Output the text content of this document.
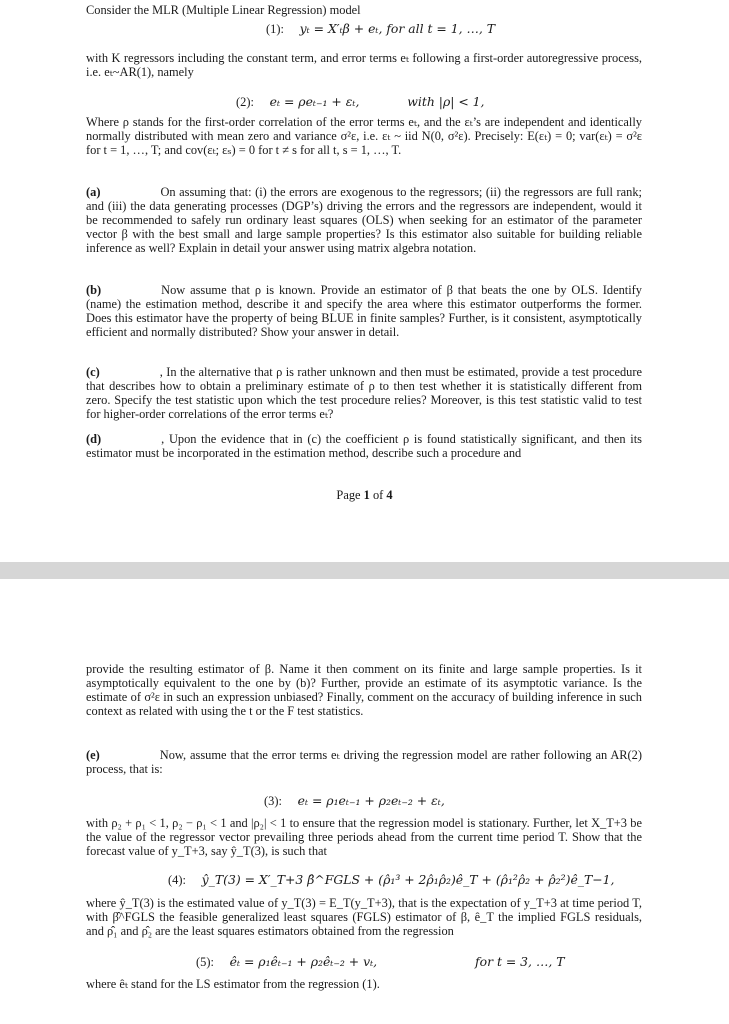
Consider the MLR (Multiple Linear Regression) model

(1): yₜ = X′ₜβ + eₜ, for all t = 1, …, T

with K regressors including the constant term, and error terms eₜ following a first-order autoregressive process, i.e. eₜ~AR(1), namely

(2): eₜ = ρeₜ₋₁ + εₜ,	with |ρ| < 1,

Where ρ stands for the first-order correlation of the error terms eₜ, and the εₜ’s are independent and identically normally distributed with mean zero and variance σ²ε, i.e. εₜ ~ iid N(0, σ²ε). Precisely: E(εₜ) = 0; var(εₜ) = σ²ε for t = 1, …, T; and cov(εₜ; εₛ) = 0 for t ≠ s for all t, s = 1, …, T.

(a)	On assuming that: (i) the errors are exogenous to the regressors; (ii) the regressors are full rank; and (iii) the data generating processes (DGP’s) driving the errors and the regressors are independent, would it be recommended to safely run ordinary least squares (OLS) when seeking for an estimator of the parameter vector β with the best small and large sample properties? Is this estimator also suitable for building reliable inference as well? Explain in detail your answer using matrix algebra notation.

(b)	Now assume that ρ is known. Provide an estimator of β that beats the one by OLS. Identify (name) the estimation method, describe it and specify the area where this estimator outperforms the former. Does this estimator have the property of being BLUE in finite samples? Further, is it consistent, asymptotically efficient and normally distributed? Show your answer in detail.

(c)	, In the alternative that ρ is rather unknown and then must be estimated, provide a test procedure that describes how to obtain a preliminary estimate of ρ to then test whether it is statistically different from zero. Specify the test statistic upon which the test procedure relies? Moreover, is this test statistic valid to test for higher-order correlations of the error terms eₜ?

(d)	, Upon the evidence that in (c) the coefficient ρ is found statistically significant, and then its estimator must be incorporated in the estimation method, describe such a procedure and

Page 1 of 4

provide the resulting estimator of β. Name it then comment on its finite and large sample properties. Is it asymptotically equivalent to the one by (b)? Further, provide an estimate of its asymptotic variance. Is the estimate of σ²ε in such an expression unbiased? Finally, comment on the accuracy of building inference in such context as related with using the t or the F test statistics.

(e)	Now, assume that the error terms eₜ driving the regression model are rather following an AR(2) process, that is:

(3): eₜ = ρ₁eₜ₋₁ + ρ₂eₜ₋₂ + εₜ,

with ρ₂ + ρ₁ < 1, ρ₂ − ρ₁ < 1 and |ρ₂| < 1 to ensure that the regression model is stationary. Further, let X_T+3 be the value of the regressor vector prevailing three periods ahead from the current time period T. Show that the forecast value of y_T+3, say ŷ_T(3), is such that

(4): ŷ_T(3) = X′_T+3 β̂^FGLS + (ρ̂₁³ + 2ρ̂₁ρ̂₂)ê_T + (ρ̂₁²ρ̂₂ + ρ̂₂²)ê_T−1,

where ŷ_T(3) is the estimated value of y_T(3) = E_T(y_T+3), that is the expectation of y_T+3 at time period T, with β̂^FGLS the feasible generalized least squares (FGLS) estimator of β, ê_T the implied FGLS residuals, and ρ̂₁ and ρ̂₂ are the least squares estimators obtained from the regression

(5): êₜ = ρ₁êₜ₋₁ + ρ₂êₜ₋₂ + vₜ,	for t = 3, …, T

where êₜ stand for the LS estimator from the regression (1).
